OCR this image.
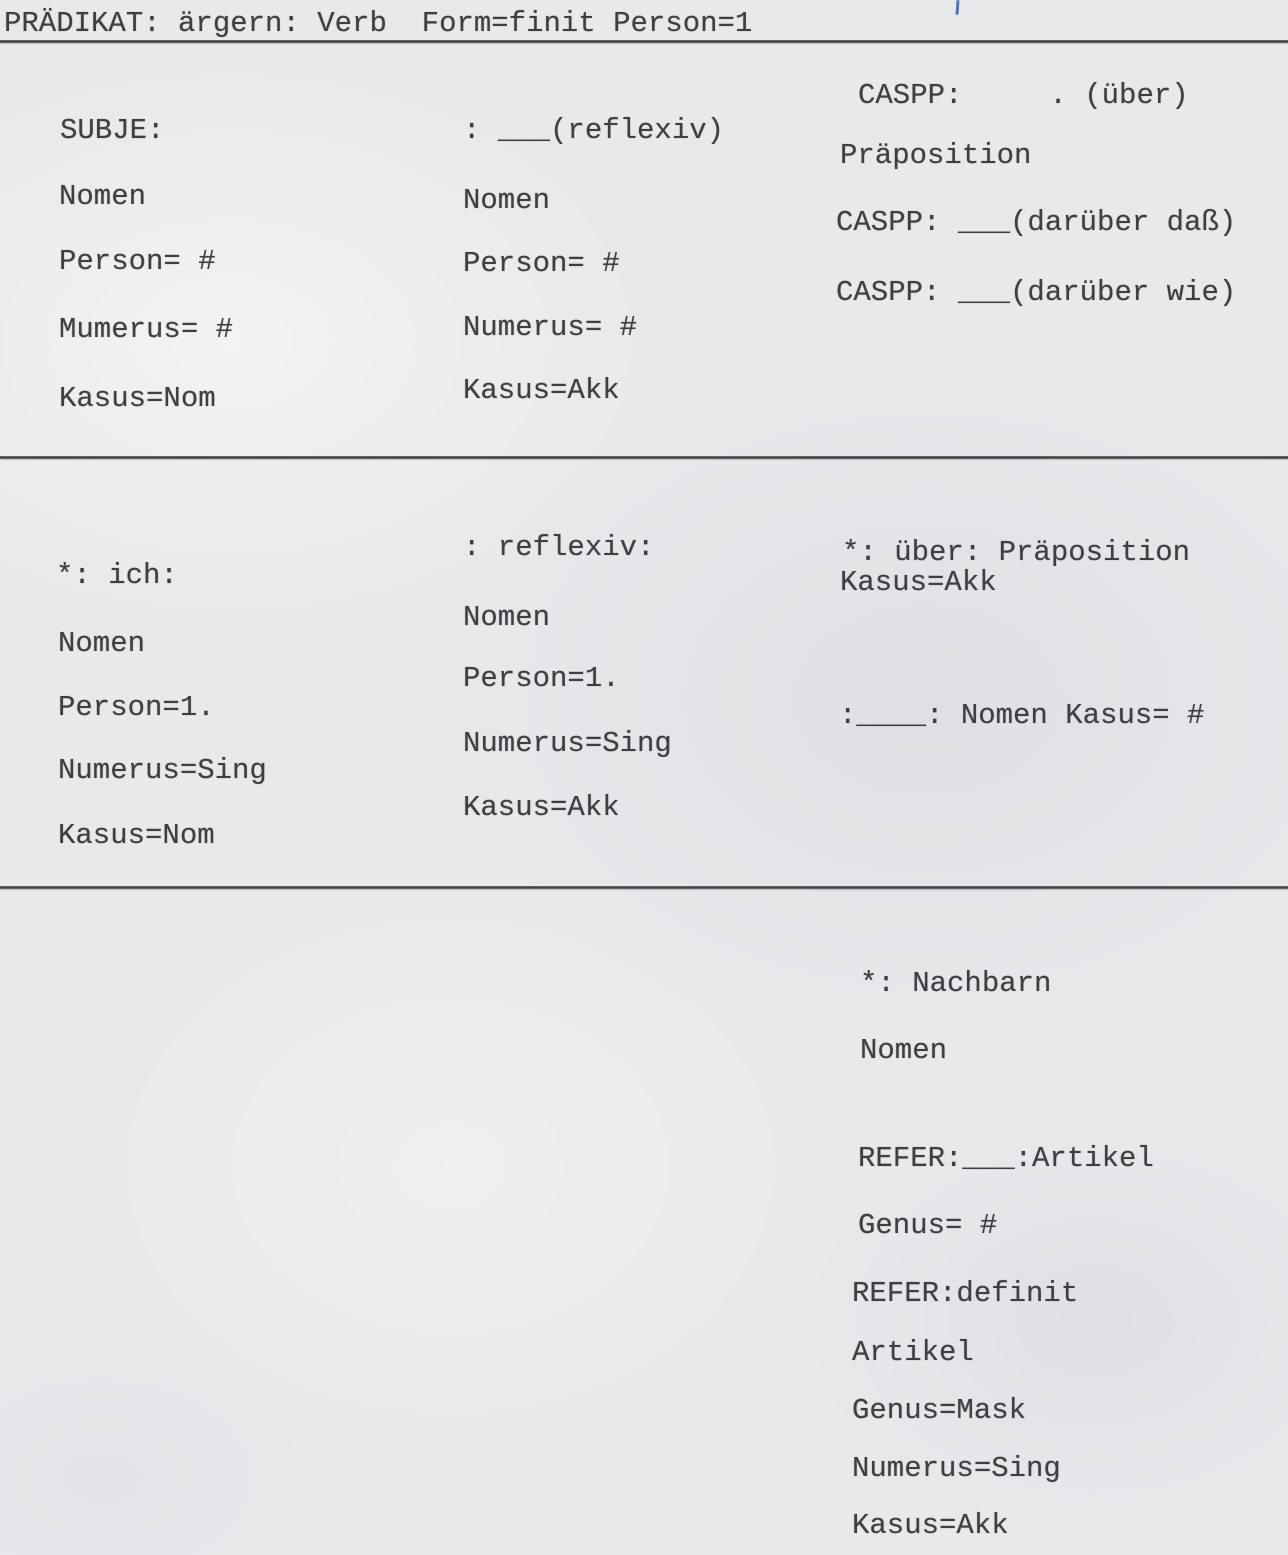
PRÄDIKAT: ärgern: Verb  Form=finit Person=1
SUBJE:
Nomen
Person= #
Mumerus= #
Kasus=Nom
: ___(reflexiv)
Nomen
Person= #
Numerus= #
Kasus=Akk
CASPP:     . (über)
Präposition
CASPP: ___(darüber daß)
CASPP: ___(darüber wie)
*: ich:
Nomen
Person=1.
Numerus=Sing
Kasus=Nom
: reflexiv:
Nomen
Person=1.
Numerus=Sing
Kasus=Akk
*: über: Präposition
Kasus=Akk
:____: Nomen Kasus= #
*: Nachbarn
Nomen
REFER:___:Artikel
Genus= #
REFER:definit
Artikel
Genus=Mask
Numerus=Sing
Kasus=Akk
